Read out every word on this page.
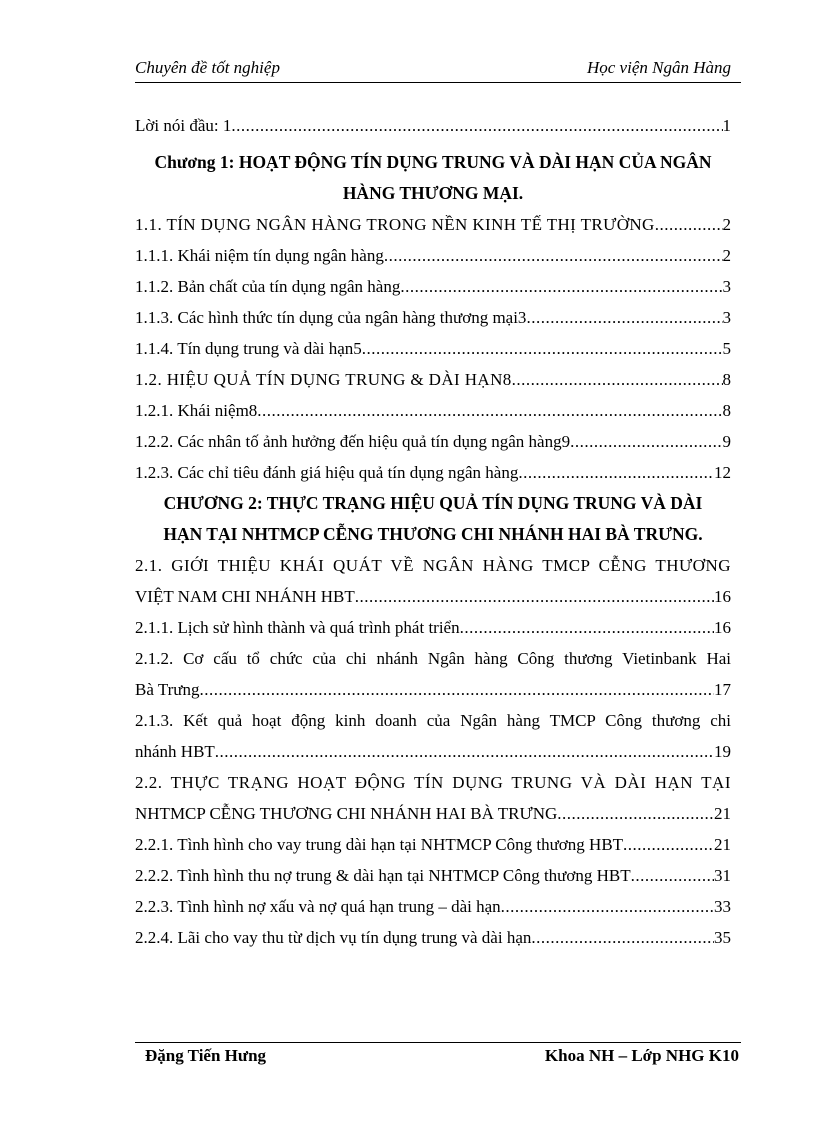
Chuyên đề tốt nghiệp	Học viện Ngân Hàng
Lời nói đầu: 1 .....	1
Chương 1: HOẠT ĐỘNG TÍN DỤNG TRUNG VÀ DÀI HẠN CỦA NGÂN
HÀNG THƯƠNG MẠI.
1.1. TÍN DỤNG NGÂN HÀNG TRONG NỀN KINH TẾ THỊ TRƯỜNG .....	2
1.1.1. Khái niệm tín dụng ngân hàng .....	2
1.1.2. Bản chất của tín dụng ngân hàng .....	3
1.1.3. Các hình thức tín dụng của ngân hàng thương mại3 .....	3
1.1.4. Tín dụng trung và dài hạn5 .....	5
1.2. HIỆU QUẢ TÍN DỤNG TRUNG & DÀI HẠN8 .....	8
1.2.1. Khái niệm8 .....	8
1.2.2. Các nhân tố ảnh hưởng đến hiệu quả tín dụng ngân hàng9 .....	9
1.2.3. Các chỉ tiêu đánh giá hiệu quả tín dụng ngân hàng .....	12
CHƯƠNG 2: THỰC TRẠNG HIỆU QUẢ TÍN DỤNG TRUNG VÀ DÀI
HẠN TẠI NHTMCP CỄNG THƯƠNG CHI NHÁNH HAI BÀ TRƯNG.
2.1. GIỚI THIỆU KHÁI QUÁT VỀ NGÂN HÀNG TMCP CỄNG THƯƠNG
VIỆT NAM CHI NHÁNH HBT .....	16
2.1.1. Lịch sử hình thành và quá trình phát triển .....	16
2.1.2. Cơ cấu tổ chức của chi nhánh Ngân hàng Công thương Vietinbank Hai
Bà Trưng .....	17
2.1.3. Kết quả hoạt động kinh doanh của Ngân hàng TMCP Công thương chi
nhánh HBT .....	19
2.2. THỰC TRẠNG HOẠT ĐỘNG TÍN DỤNG TRUNG VÀ DÀI HẠN TẠI
NHTMCP CỄNG THƯƠNG CHI NHÁNH HAI BÀ TRƯNG .....	21
2.2.1. Tình hình cho vay trung dài hạn tại NHTMCP Công thương HBT .....	21
2.2.2. Tình hình thu nợ trung & dài hạn tại NHTMCP Công thương HBT .....	31
2.2.3. Tình hình nợ xấu và nợ quá hạn trung – dài hạn .....	33
2.2.4. Lãi cho vay thu từ dịch vụ tín dụng trung và dài hạn .....	35
Đặng Tiến Hưng	Khoa NH – Lớp NHG K10
